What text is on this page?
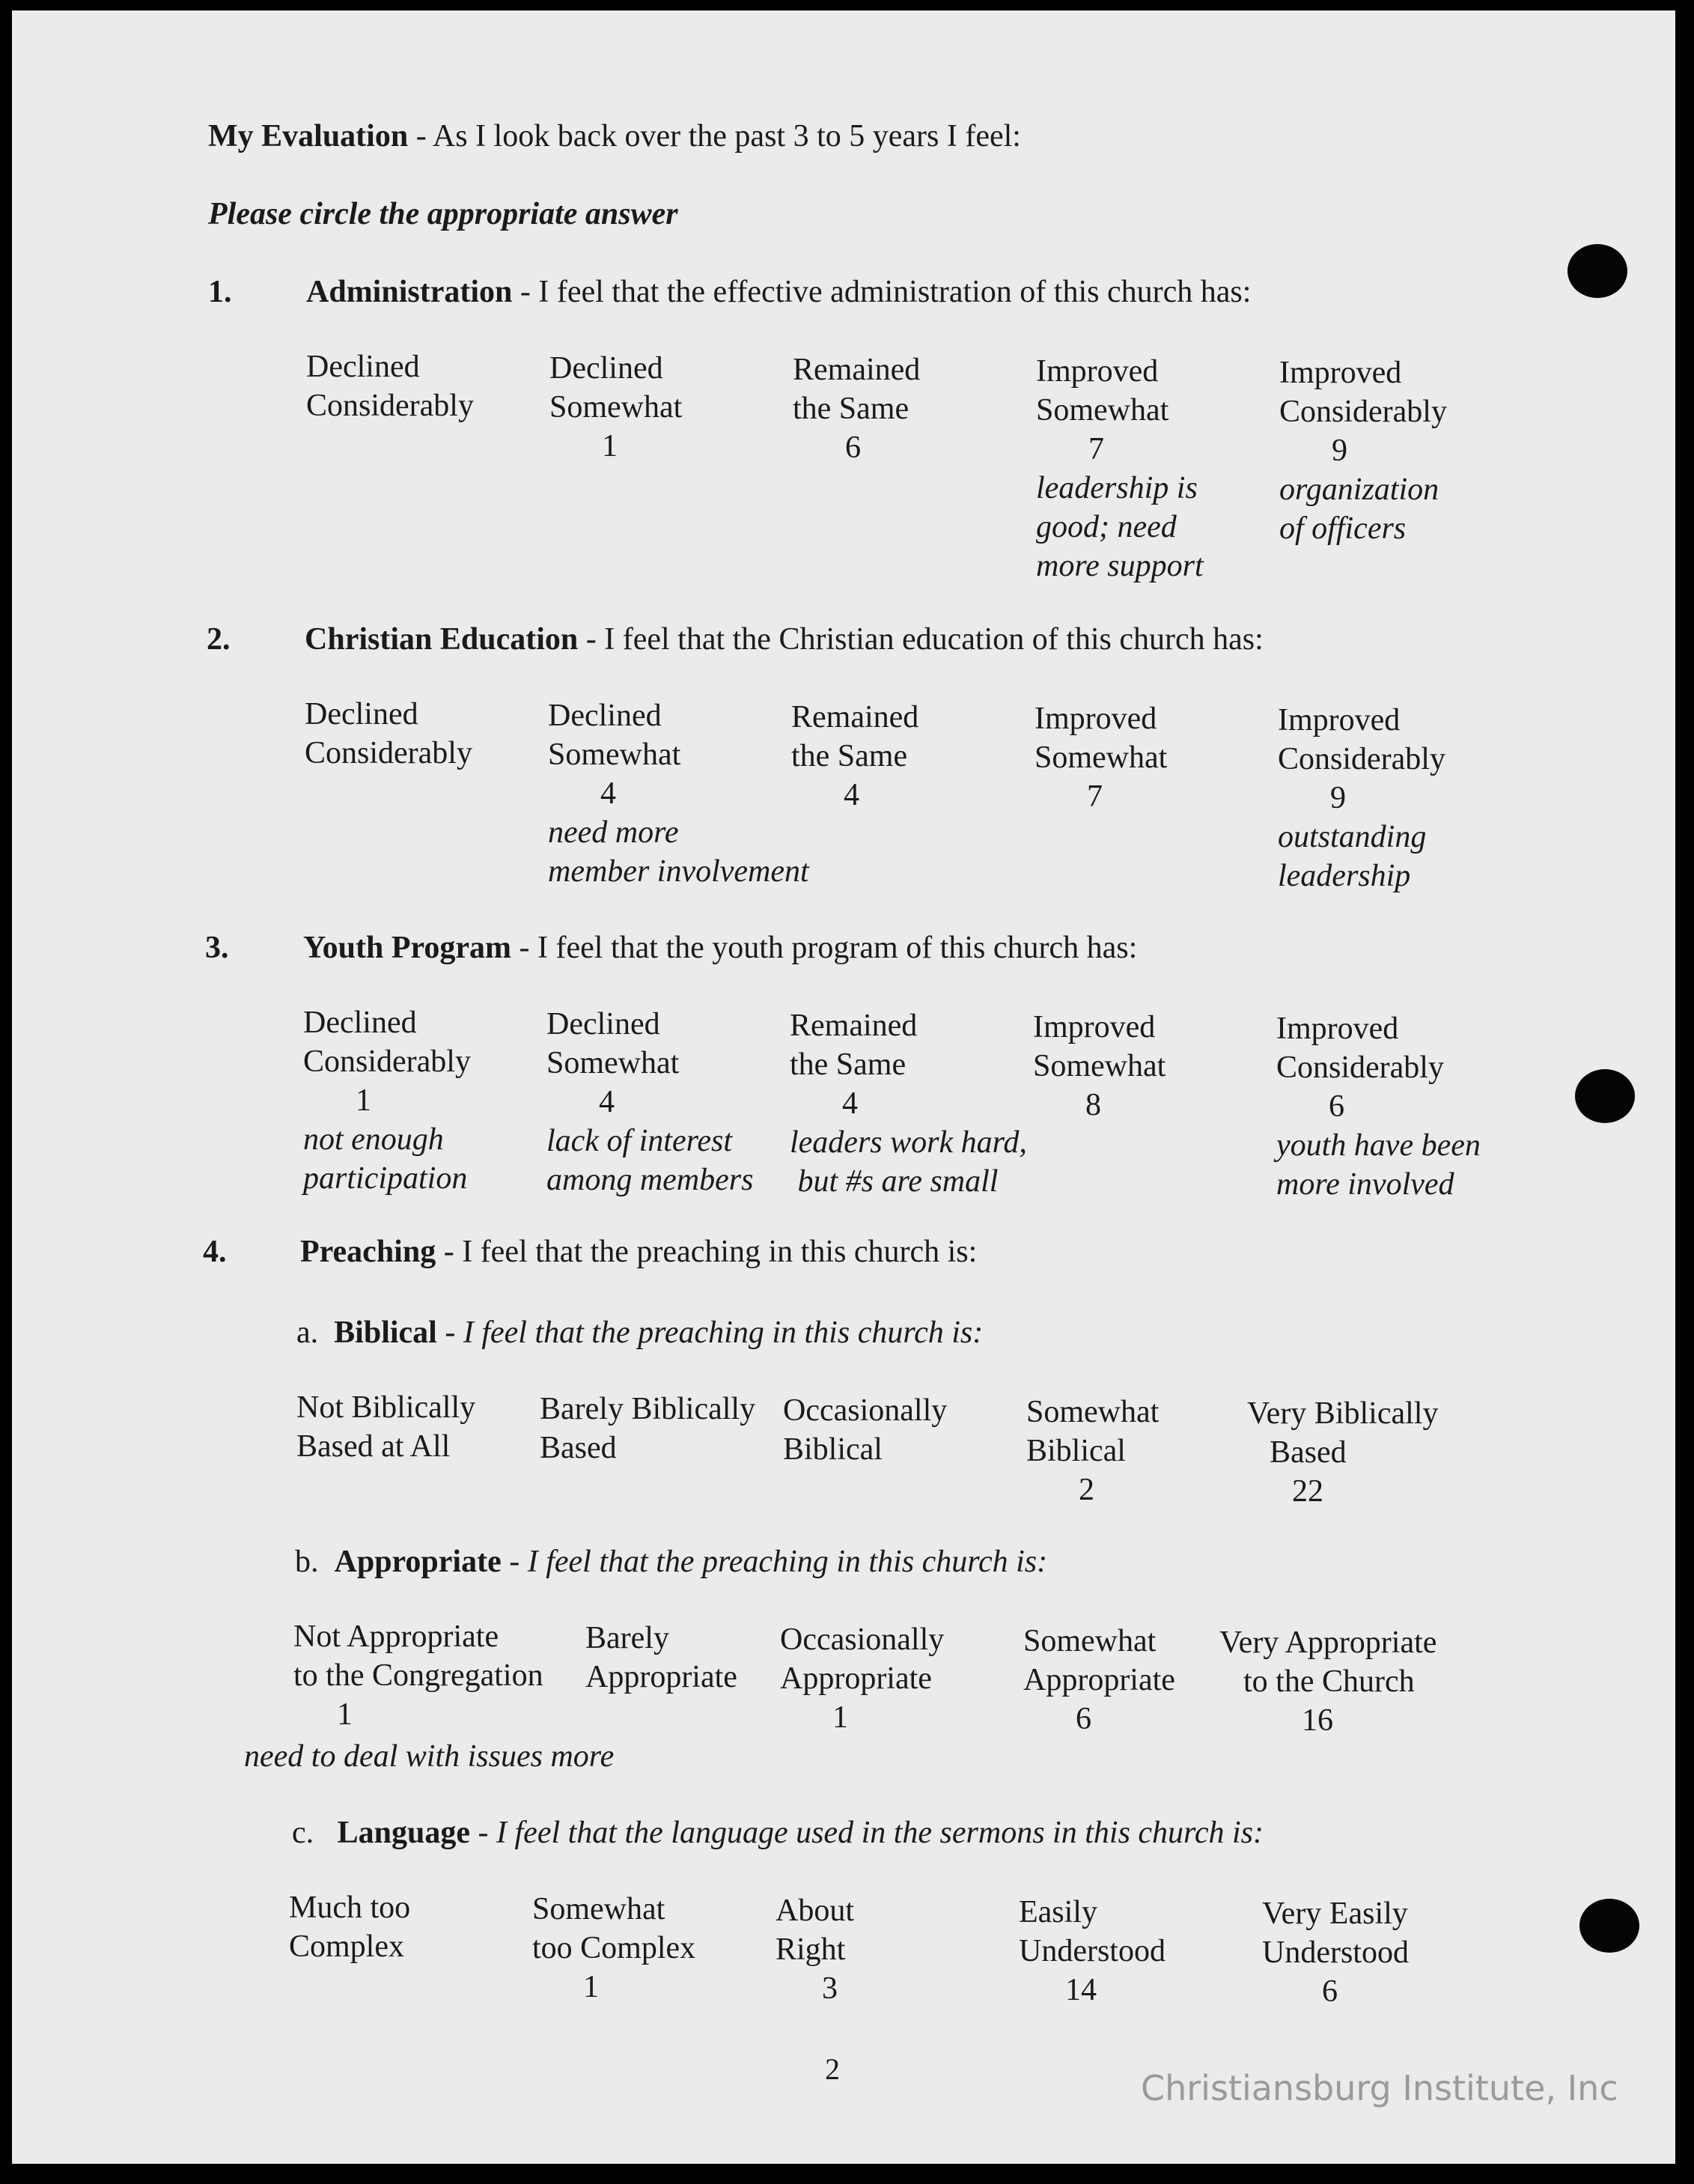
My Evaluation - As I look back over the past 3 to 5 years I feel:
Please circle the appropriate answer
1. Administration - I feel that the effective administration of this church has:
Declined
Considerably
Declined
Somewhat
1
Remained
the Same
6
Improved
Somewhat
7
leadership is
good; need
more support
Improved
Considerably
9
organization
of officers
2. Christian Education - I feel that the Christian education of this church has:
Declined
Considerably
Declined
Somewhat
4
need more
member involvement
Remained
the Same
4
Improved
Somewhat
7
Improved
Considerably
9
outstanding
leadership
3. Youth Program - I feel that the youth program of this church has:
Declined
Considerably
1
not enough
participation
Declined
Somewhat
4
lack of interest
among members
Remained
the Same
4
leaders work hard,
but #s are small
Improved
Somewhat
8
Improved
Considerably
6
youth have been
more involved
4. Preaching - I feel that the preaching in this church is:
a. Biblical - I feel that the preaching in this church is:
Not Biblically
Based at All
Barely Biblically
Based
Occasionally
Biblical
Somewhat
Biblical
2
Very Biblically
Based
22
b. Appropriate - I feel that the preaching in this church is:
Not Appropriate
to the Congregation
1
Barely
Appropriate
Occasionally
Appropriate
1
Somewhat
Appropriate
6
Very Appropriate
to the Church
16
need to deal with issues more
c. Language - I feel that the language used in the sermons in this church is:
Much too
Complex
Somewhat
too Complex
1
About
Right
3
Easily
Understood
14
Very Easily
Understood
6
2	Christiansburg Institute, Inc
